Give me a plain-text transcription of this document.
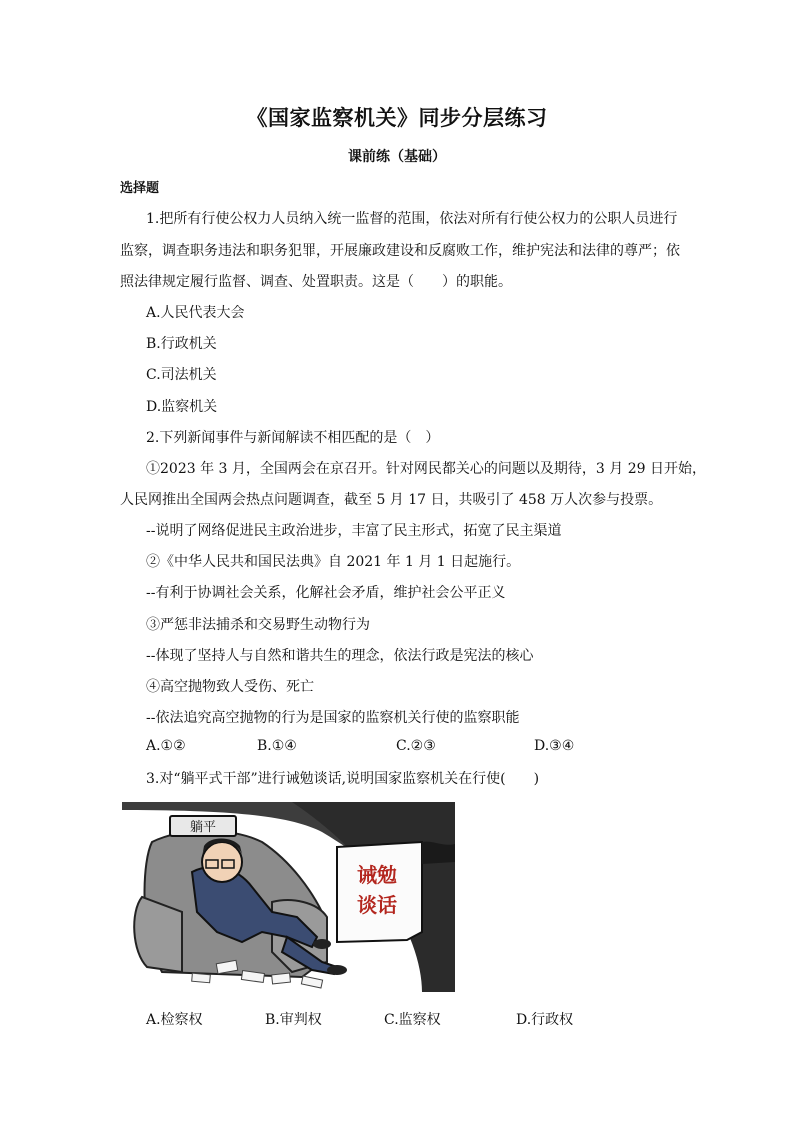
《国家监察机关》同步分层练习
课前练（基础）
选择题
1.把所有行使公权力人员纳入统一监督的范围，依法对所有行使公权力的公职人员进行
监察，调查职务违法和职务犯罪，开展廉政建设和反腐败工作，维护宪法和法律的尊严；依
照法律规定履行监督、调查、处置职责。这是（　　）的职能。
A.人民代表大会
B.行政机关
C.司法机关
D.监察机关
2.下列新闻事件与新闻解读不相匹配的是（　）
①2023 年 3 月，全国两会在京召开。针对网民都关心的问题以及期待，3 月 29 日开始，
人民网推出全国两会热点问题调查，截至 5 月 17 日，共吸引了 458 万人次参与投票。
--说明了网络促进民主政治进步，丰富了民主形式，拓宽了民主渠道
②《中华人民共和国民法典》自 2021 年 1 月 1 日起施行。
--有利于协调社会关系，化解社会矛盾，维护社会公平正义
③严惩非法捕杀和交易野生动物行为
--体现了坚持人与自然和谐共生的理念，依法行政是宪法的核心
④高空抛物致人受伤、死亡
--依法追究高空抛物的行为是国家的监察机关行使的监察职能
A.①②	B.①④	C.②③	D.③④
3.对“躺平式干部”进行诫勉谈话,说明国家监察机关在行使(　　)
躺平
诫勉
谈话
A.检察权	B.审判权	C.监察权	D.行政权
